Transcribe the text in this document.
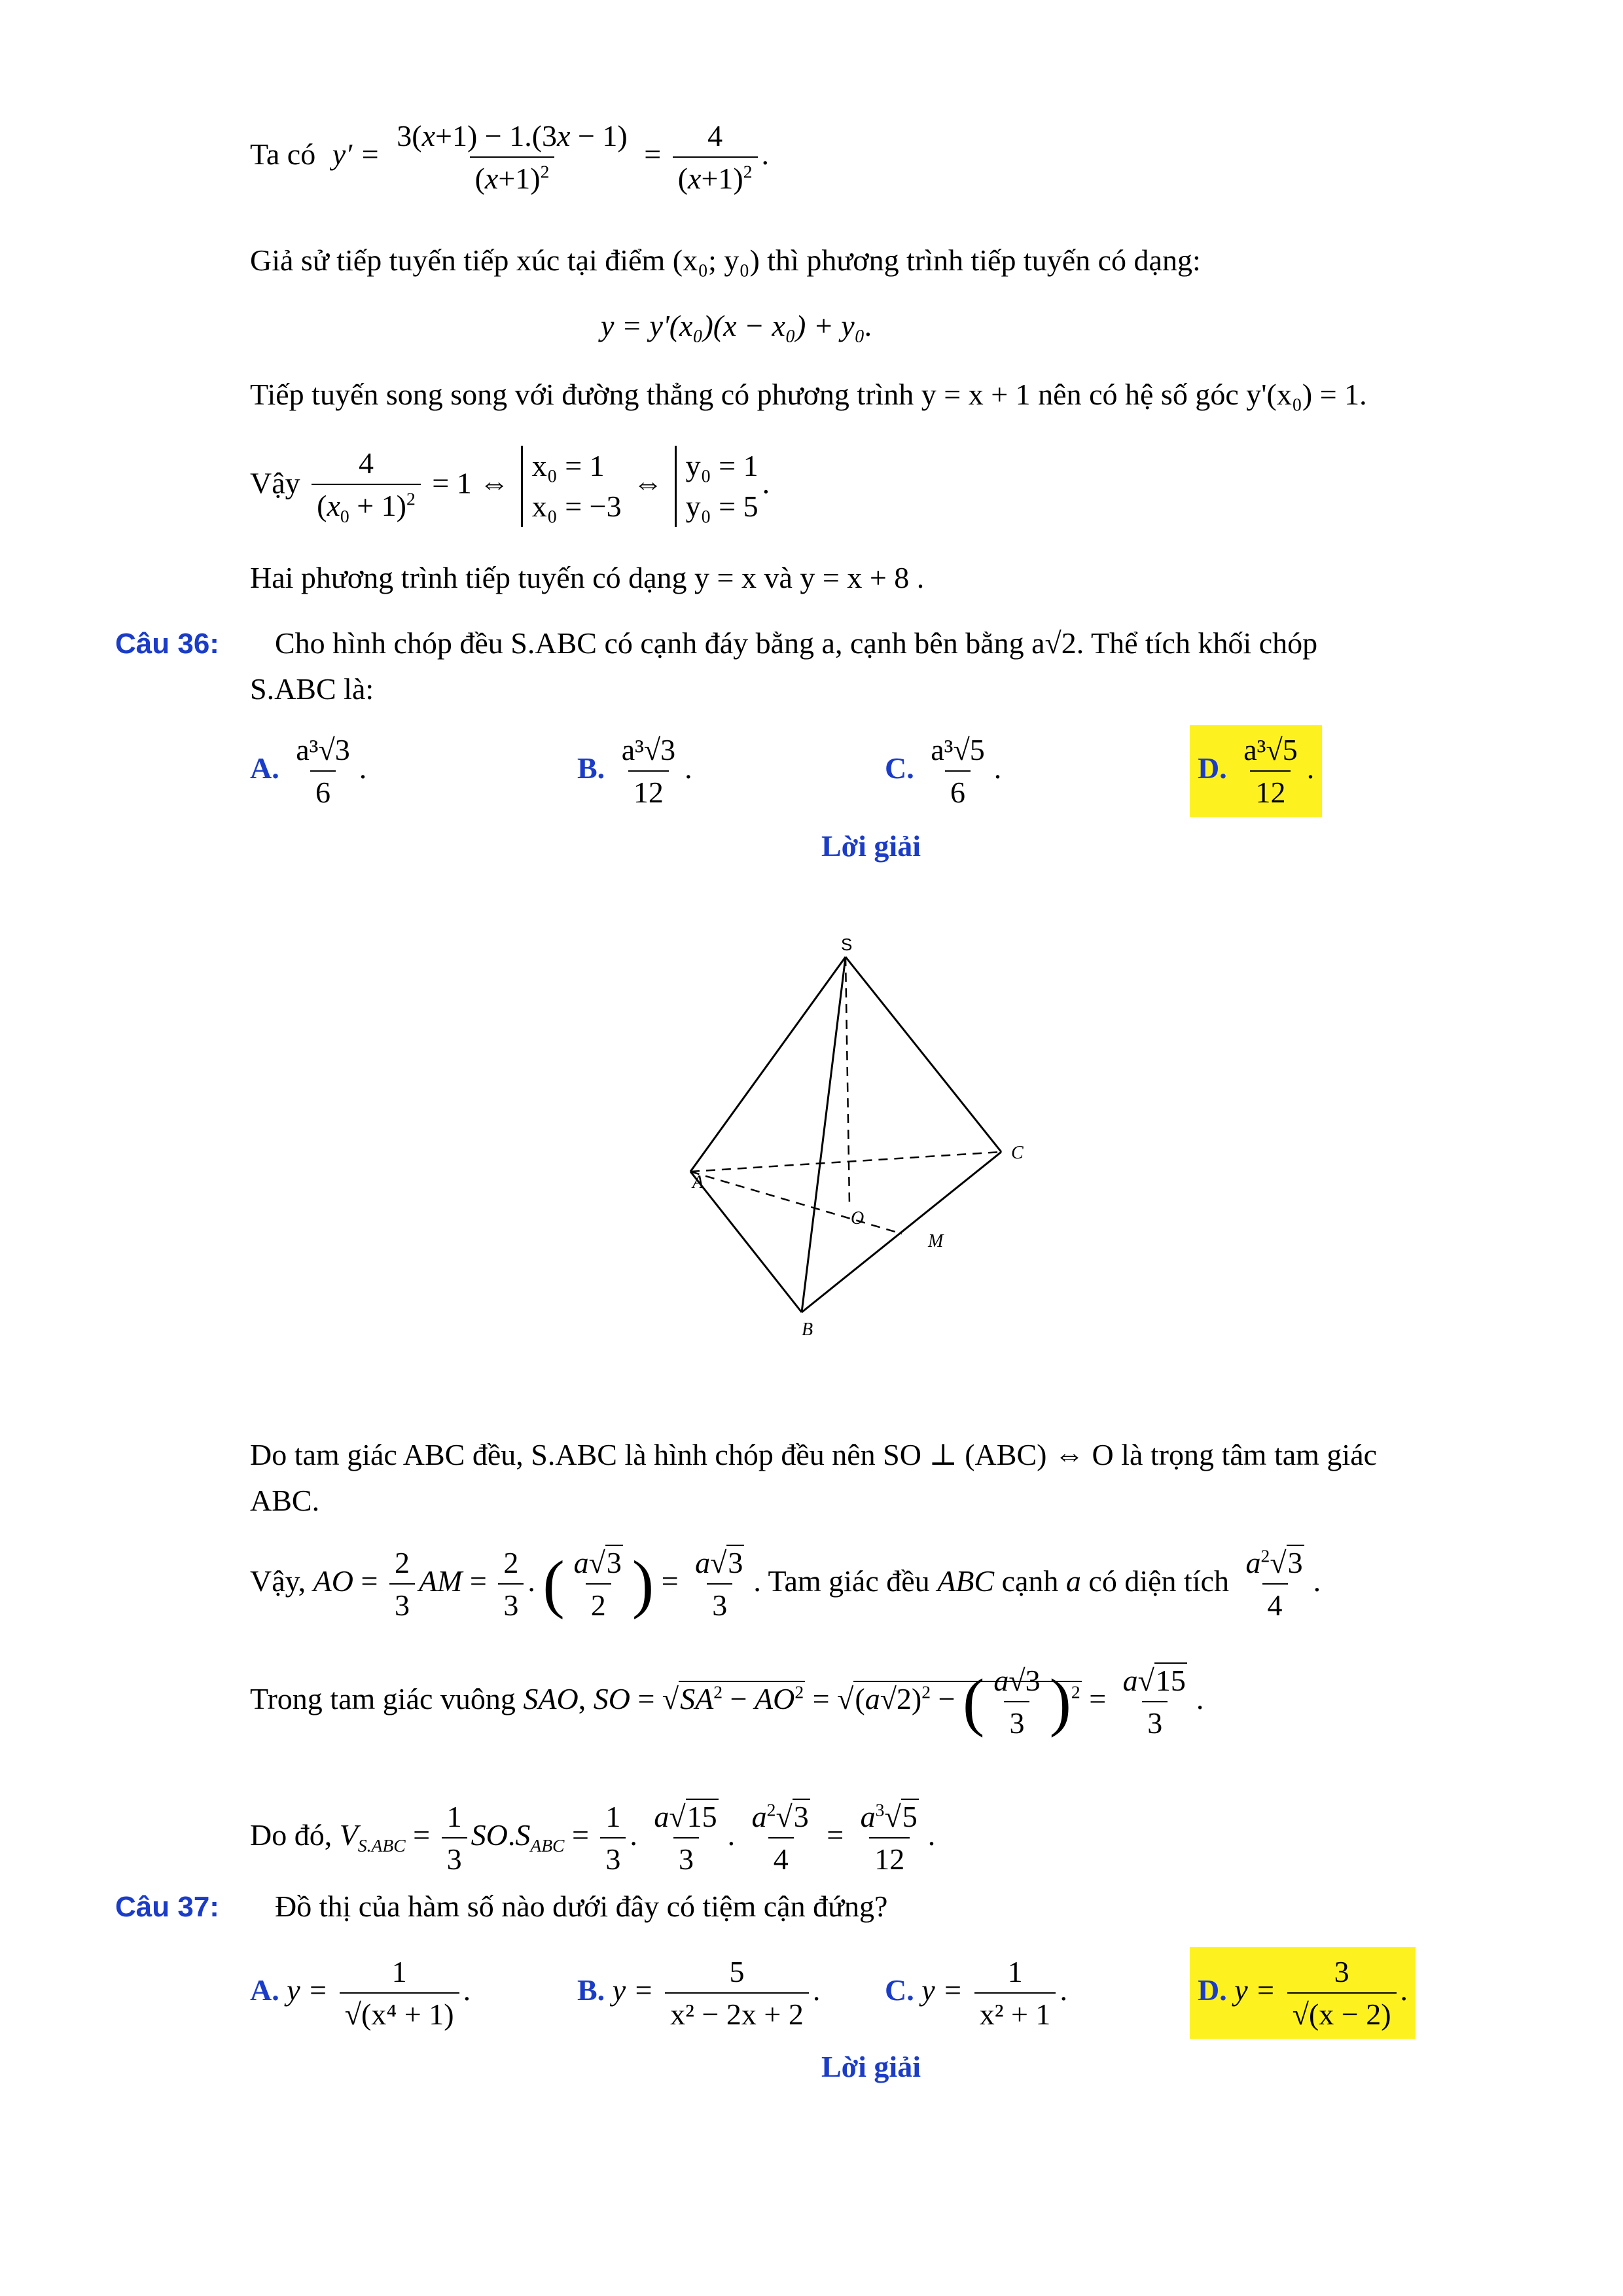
Ta có $y' = \frac{3(x+1) - 1.(3x - 1)}{(x+1)^2} = \frac{4}{(x+1)^2}$ .
Giả sử tiếp tuyến tiếp xúc tại điểm (x₀; y₀) thì phương trình tiếp tuyến có dạng:
y = y'(x₀)(x − x₀) + y₀.
Tiếp tuyến song song với đường thẳng có phương trình y = x + 1 nên có hệ số góc y'(x₀) = 1.
Vậy $\frac{4}{(x_0 + 1)^2} = 1$ ⇔
x₀ = 1
x₀ = −3
⇔
y₀ = 1
y₀ = 5
.
Hai phương trình tiếp tuyến có dạng y = x và y = x + 8 .
Câu 36: Cho hình chóp đều S.ABC có cạnh đáy bằng a, cạnh bên bằng a√2. Thể tích khối chóp
S.ABC là:
A. $\frac{\text{a³√3}}{6}$ .	B. $\frac{\text{a³√3}}{12}$ .	C. $\frac{\text{a³√5}}{6}$ .	D. $\frac{\text{a³√5}}{12}$ .
Lời giải
S
A
B
C
O
M
Do tam giác ABC đều, S.ABC là hình chóp đều nên SO ⊥ (ABC) ⇔ O là trọng tâm tam giác
ABC.
Vậy, AO = $\frac{2}{3}$ AM = $\frac{2}{3}$ . ( $\frac{a√3}{2}$ ) = $\frac{a√3}{3}$ . Tam giác đều ABC cạnh a có diện tích $\frac{a^2√3}{4}$ .
Trong tam giác vuông SAO, SO = $√SA^2 - AO^2 = √(a√2)^2$ − ( $\frac{a√3}{3} )^2 = \frac{a√15}{3}$ .
Do đó, $V_{S.ABC} = \frac{1}{3} SO.S_{ABC} = \frac{1}{3}$ . $\frac{a√15}{3}$ . $\frac{a^2√3}{4} = \frac{a^3√5}{12}$ .
Câu 37: Đồ thị của hàm số nào dưới đây có tiệm cận đứng?
A. $y = \frac{1}{\text{√(x⁴ + 1)}}$ .	B. $y = \frac{5}{\text{x² − 2x + 2}}$ . C. $y = \frac{1}{\text{x² + 1}}$ .	D. $y = \frac{3}{√(x - 2)}$ .
Lời giải
